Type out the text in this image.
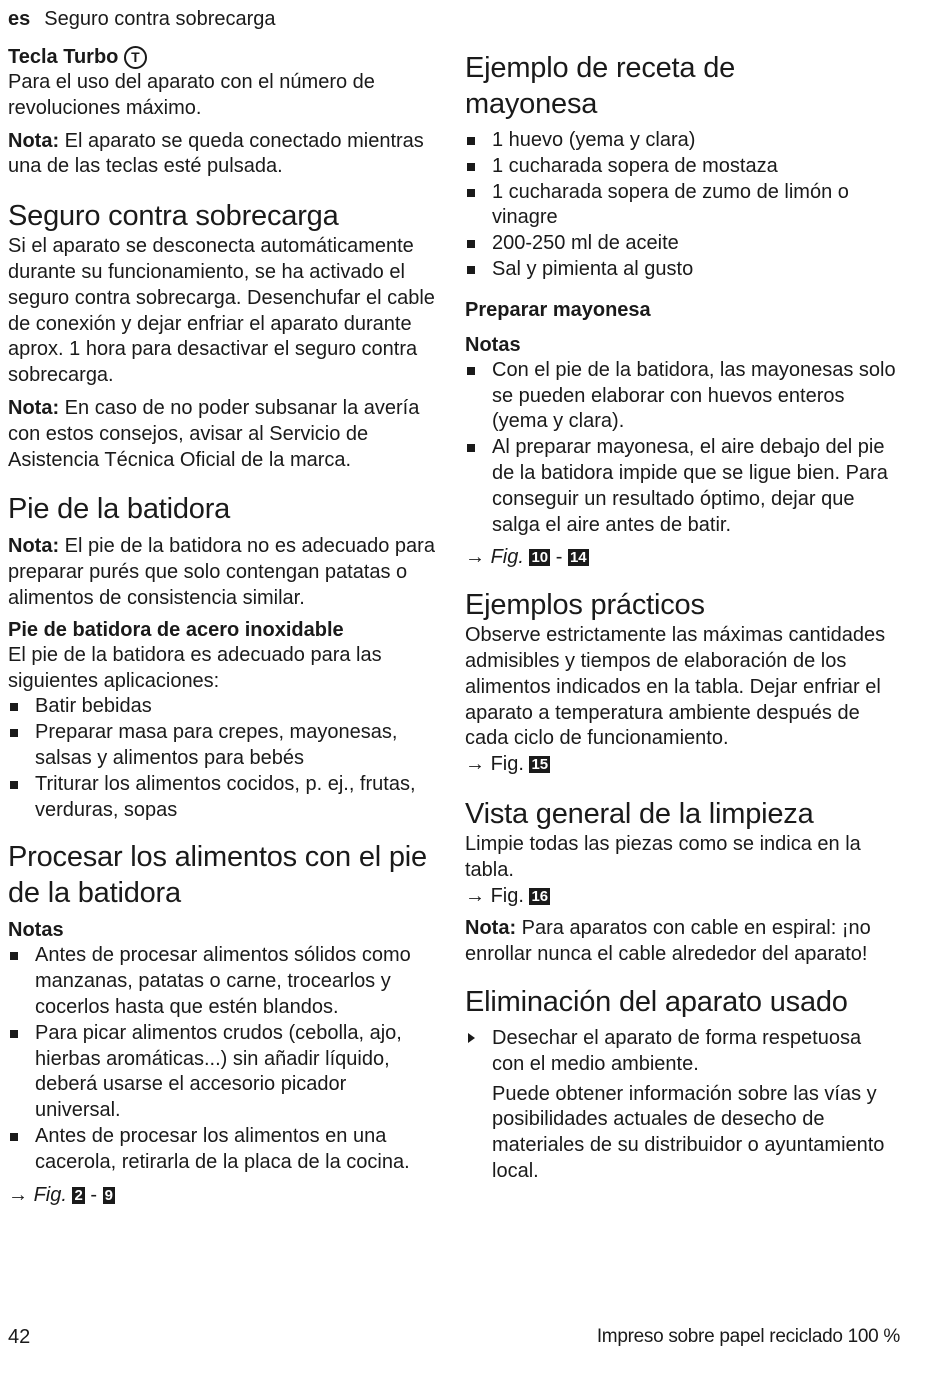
es Seguro contra sobrecarga
Tecla Turbo T

Para el uso del aparato con el número de revoluciones máximo.

Nota: El aparato se queda conectado mientras una de las teclas esté pulsada.

Seguro contra sobrecarga

Si el aparato se desconecta automáticamente durante su funcionamiento, se ha activado el seguro contra sobrecarga. Desenchufar el cable de conexión y dejar enfriar el aparato durante aprox. 1 hora para desactivar el seguro contra sobrecarga.

Nota: En caso de no poder subsanar la avería con estos consejos, avisar al Servicio de Asistencia Técnica Oficial de la marca.

Pie de la batidora

Nota: El pie de la batidora no es adecuado para preparar purés que solo contengan patatas o alimentos de consistencia similar.

Pie de batidora de acero inoxidable

El pie de la batidora es adecuado para las siguientes aplicaciones:

Batir bebidas
Preparar masa para crepes, mayonesas, salsas y alimentos para bebés
Triturar los alimentos cocidos, p. ej., frutas, verduras, sopas
Procesar los alimentos con el pie de la batidora
Notas
Antes de procesar alimentos sólidos como manzanas, patatas o carne, trocearlos y cocerlos hasta que estén blandos.
Para picar alimentos crudos (cebolla, ajo, hierbas aromáticas...) sin añadir líquido, deberá usarse el accesorio picador universal.
Antes de procesar los alimentos en una cacerola, retirarla de la placa de la cocina.
→ Fig. 2 - 9
Ejemplo de receta de mayonesa
1 huevo (yema y clara)
1 cucharada sopera de mostaza
1 cucharada sopera de zumo de limón o vinagre
200-250 ml de aceite
Sal y pimienta al gusto
Preparar mayonesa
Notas
Con el pie de la batidora, las mayonesas solo se pueden elaborar con huevos enteros (yema y clara).
Al preparar mayonesa, el aire debajo del pie de la batidora impide que se ligue bien. Para conseguir un resultado óptimo, dejar que salga el aire antes de batir.
→ Fig. 10 - 14
Ejemplos prácticos

Observe estrictamente las máximas cantidades admisibles y tiempos de elaboración de los alimentos indicados en la tabla. Dejar enfriar el aparato a temperatura ambiente después de cada ciclo de funcionamiento.

→ Fig. 15
Vista general de la limpieza

Limpie todas las piezas como se indica en la tabla.

→ Fig. 16

Nota: Para aparatos con cable en espiral: ¡no enrollar nunca el cable alrededor del aparato!

Eliminación del aparato usado
Desechar el aparato de forma respetuosa con el medio ambiente.

Puede obtener información sobre las vías y posibilidades actuales de desecho de materiales de su distribuidor o ayuntamiento local.

42	Impreso sobre papel reciclado 100 %
